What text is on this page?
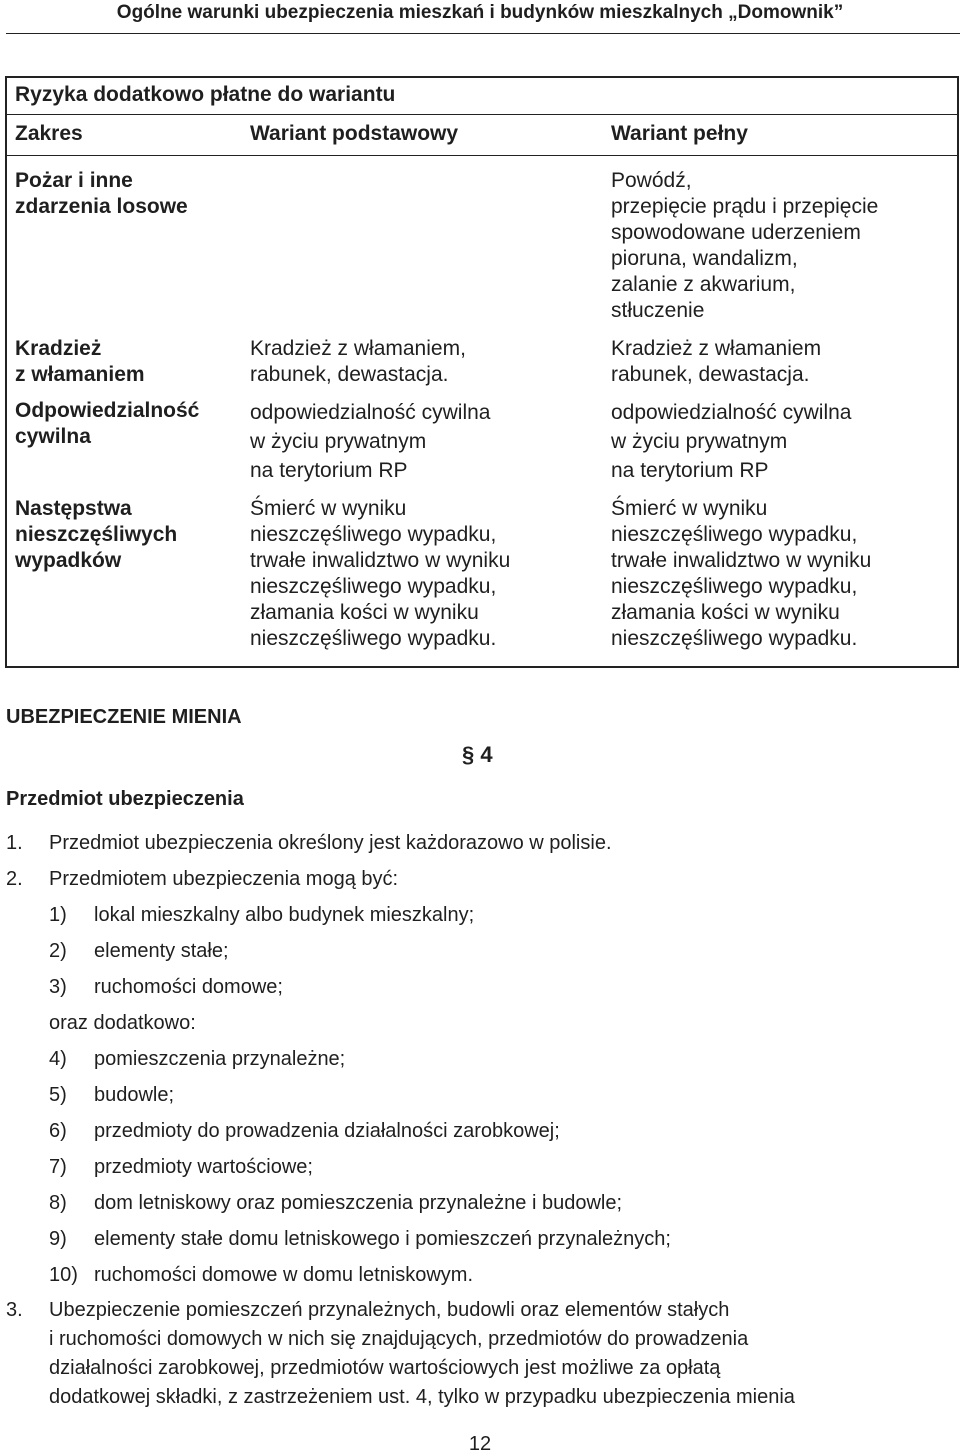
Ogólne warunki ubezpieczenia mieszkań i budynków mieszkalnych „Domownik”
Ryzyka dodatkowo płatne do wariantu
Zakres	Wariant podstawowy	Wariant pełny
Pożar i inne
zdarzenia losowe
Powódź,
przepięcie prądu i przepięcie
spowodowane uderzeniem
pioruna, wandalizm,
zalanie z akwarium,
stłuczenie
Kradzież
z włamaniem
Kradzież z włamaniem,
rabunek, dewastacja.
Kradzież z włamaniem
rabunek, dewastacja.
Odpowiedzialność
cywilna
odpowiedzialność cywilna
w życiu prywatnym
na terytorium RP
odpowiedzialność cywilna
w życiu prywatnym
na terytorium RP
Następstwa
nieszczęśliwych
wypadków
Śmierć w wyniku
nieszczęśliwego wypadku,
trwałe inwalidztwo w wyniku
nieszczęśliwego wypadku,
złamania kości w wyniku
nieszczęśliwego wypadku.
Śmierć w wyniku
nieszczęśliwego wypadku,
trwałe inwalidztwo w wyniku
nieszczęśliwego wypadku,
złamania kości w wyniku
nieszczęśliwego wypadku.
UBEZPIECZENIE MIENIA
§ 4
Przedmiot ubezpieczenia
1. Przedmiot ubezpieczenia określony jest każdorazowo w polisie.
2. Przedmiotem ubezpieczenia mogą być:
1) lokal mieszkalny albo budynek mieszkalny;
2) elementy stałe;
3) ruchomości domowe;
oraz dodatkowo:
4) pomieszczenia przynależne;
5) budowle;
6) przedmioty do prowadzenia działalności zarobkowej;
7) przedmioty wartościowe;
8) dom letniskowy oraz pomieszczenia przynależne i budowle;
9) elementy stałe domu letniskowego i pomieszczeń przynależnych;
10) ruchomości domowe w domu letniskowym.
3. Ubezpieczenie pomieszczeń przynależnych, budowli oraz elementów stałych
i ruchomości domowych w nich się znajdujących, przedmiotów do prowadzenia
działalności zarobkowej, przedmiotów wartościowych jest możliwe za opłatą
dodatkowej składki, z zastrzeżeniem ust. 4, tylko w przypadku ubezpieczenia mienia
12
